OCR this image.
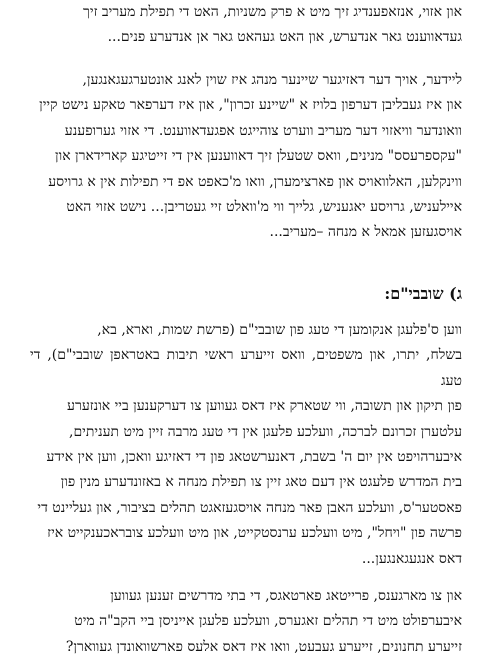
און אזוי, אנזאפענדיג זיך מיט א פרק משניות, האט די תפילת מעריב זיך
געדאווענט גאר אנדערש, און האט געהאט גאר אן אנדערע פנים...

ליידער, אויך דער דאזיגער שיינער מנהג איז שוין לאנג אונטערגעגאנגען,
און איז געבליבן דערפון בלויז א "שיינע זכרון", און איז דערפאר טאקע נישט קיין
וואונדער וויאזוי דער מעריב ווערט צוהייגט אפגעדאווענט. די אזוי גערופענע
"עקספרעסס" מנינים, וואס שטעלן זיך דאווענען אין די זייטיגע קארידארן און
ווינקלען, האלוואויס און פארצימערן, וואו מ'כאפט אפ די תפילות אין א גרויסע
איילעניש, גרויסע יאגעניש, גלייך ווי מ'וואלט זיי געטריבן... נישט אזוי האט
אויסגעזען אמאל א מנחה –מעריב...

ג) שובבי"ם:

ווען ס'פלעגן אנקומען די טעג פון שובבי"ם (פרשת שמות, וארא, בא,
בשלח, יתרו, און משפטים, וואס זייערע ראשי תיבות באטראפן שובבי"ם), די טעג
פון תיקון און תשובה, ווי שטארק איז דאס געווען צו דערקענען ביי אונזערע
עלטערן זכרונם לברכה, וועלכע פלעגן אין די טעג מרבה זיין מיט תעניתים,
איבערהויפט אין יום ה' בשבת, דאנערשטאג פון די דאזיגע וואכן, ווען אין אידע
בית המדרש פלעגט אין דעם טאג זיין צו תפילת מנחה א באזונדערע מנין פון
פאסטער'ס, וועלכע האבן פאר מנחה אויסגעזאגט תהלים בציבור, און געליינט די
פרשה פון "ויחל", מיט וועלכע ערנסטקייט, און מיט וועלכע צובראכענקייט איז
דאס אנגעגאנגען...

און צו מארגענס, פרייטאג פארטאגס, די בתי מדרשים זענען געווען
איבערפולט מיט די תהלים זאגערס, וועלכע פלעגן אייניסן ביי הקב"ה מיט
זייערע תחנונים, זייערע געבעט, וואו איז דאס אלעס פארשוואונדן געווארן?
